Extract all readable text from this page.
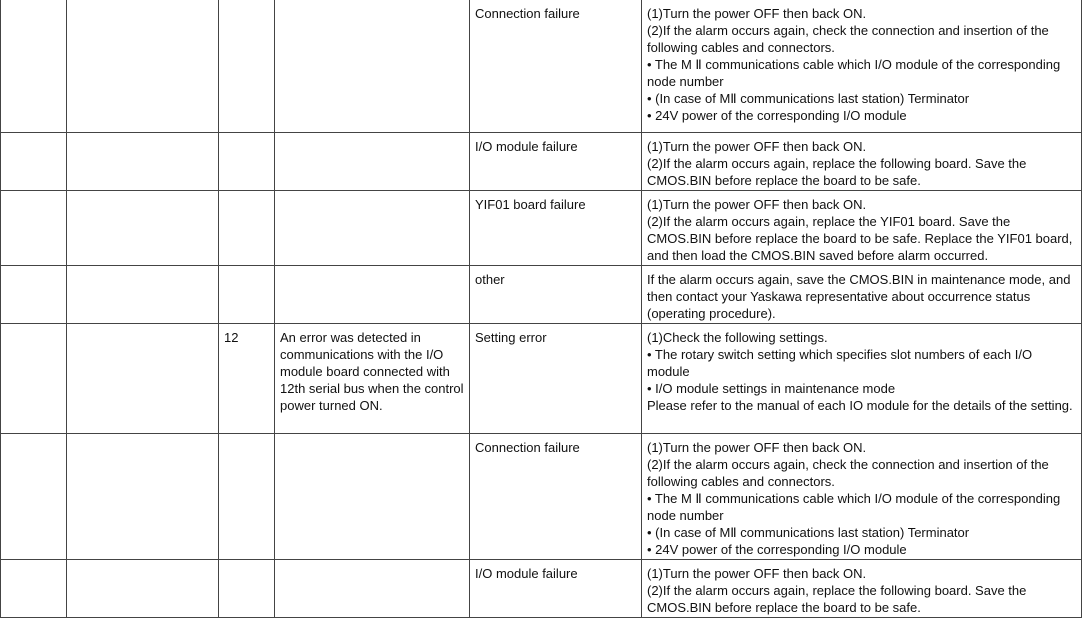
				Connection failure	(1)Turn the power OFF then back ON.
(2)If the alarm occurs again, check the connection and insertion of the following cables and connectors.
• The M Ⅱ communications cable which I/O module of the corresponding node number
• (In case of MⅡ communications last station) Terminator
• 24V power of the corresponding I/O module
				I/O module failure	(1)Turn the power OFF then back ON.
(2)If the alarm occurs again, replace the following board. Save the CMOS.BIN before replace the board to be safe.
				YIF01 board failure	(1)Turn the power OFF then back ON.
(2)If the alarm occurs again, replace the YIF01 board. Save the CMOS.BIN before replace the board to be safe. Replace the YIF01 board, and then load the CMOS.BIN saved before alarm occurred.
				other	If the alarm occurs again, save the CMOS.BIN in maintenance mode, and then contact your Yaskawa representative about occurrence status (operating procedure).
		12	An error was detected in communications with the I/O module board connected with 12th serial bus when the control power turned ON.	Setting error	(1)Check the following settings.
• The rotary switch setting which specifies slot numbers of each I/O module
• I/O module settings in maintenance mode
Please refer to the manual of each IO module for the details of the setting.
				Connection failure	(1)Turn the power OFF then back ON.
(2)If the alarm occurs again, check the connection and insertion of the following cables and connectors.
• The M Ⅱ communications cable which I/O module of the corresponding node number
• (In case of MⅡ communications last station) Terminator
• 24V power of the corresponding I/O module
				I/O module failure	(1)Turn the power OFF then back ON.
(2)If the alarm occurs again, replace the following board. Save the CMOS.BIN before replace the board to be safe.
